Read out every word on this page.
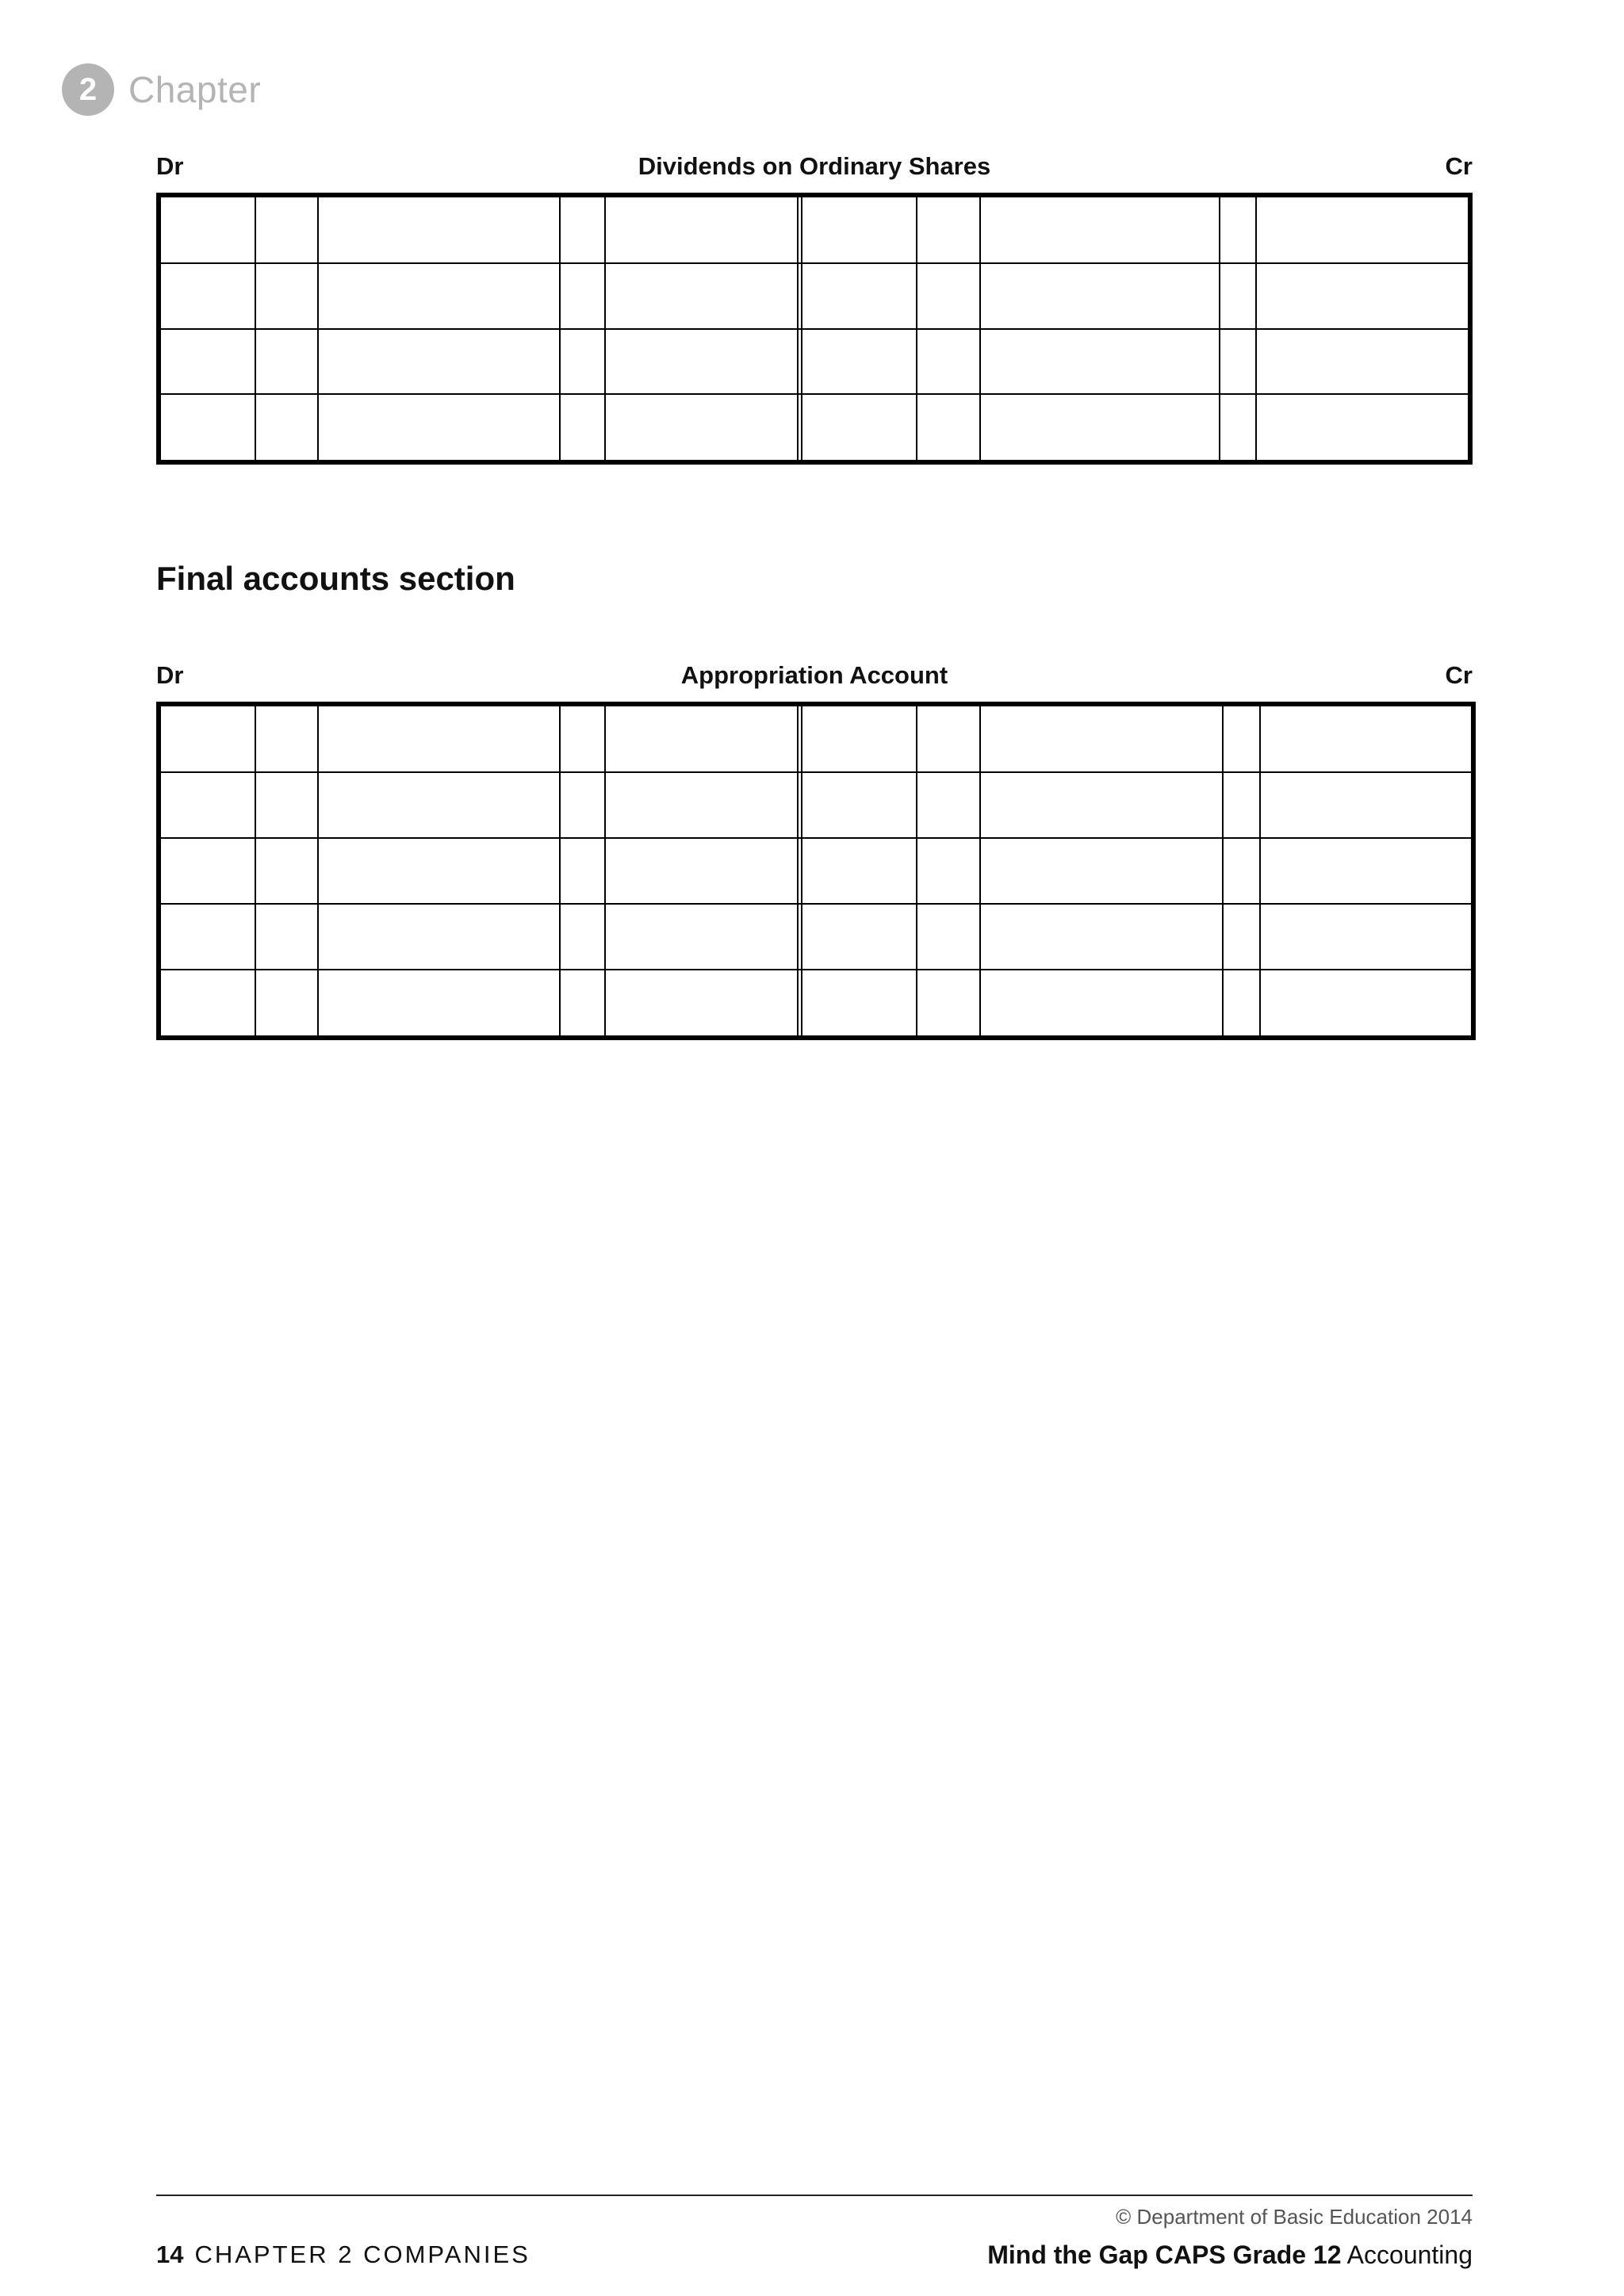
2 Chapter
Dr	Dividends on Ordinary Shares	Cr
Final accounts section
Dr	Appropriation Account	Cr
© Department of Basic Education 2014
14 CHAPTER 2 COMPANIES	Mind the Gap CAPS Grade 12 Accounting
